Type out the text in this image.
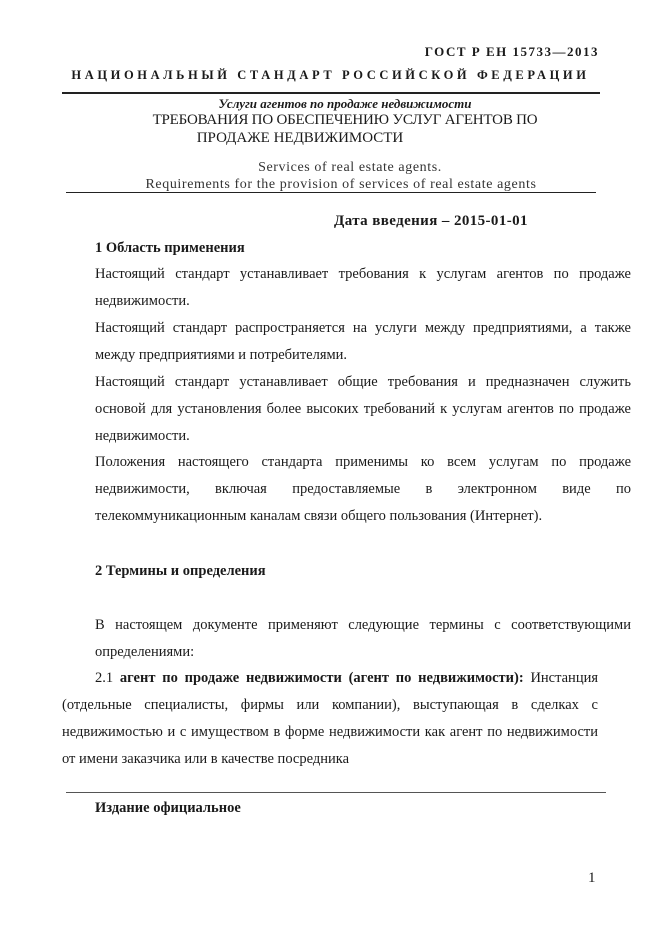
ГОСТ Р ЕН 15733—2013
НАЦИОНАЛЬНЫЙ СТАНДАРТ РОССИЙСКОЙ ФЕДЕРАЦИИ
Услуги агентов по продаже недвижимости
ТРЕБОВАНИЯ ПО ОБЕСПЕЧЕНИЮ УСЛУГ АГЕНТОВ ПО
ПРОДАЖЕ НЕДВИЖИМОСТИ
Services of real estate agents.
Requirements for the provision of services of real estate agents
Дата введения – 2015-01-01
1 Область применения
Настоящий стандарт устанавливает требования к услугам агентов по продаже недвижимости.
Настоящий стандарт распространяется на услуги между предприятиями, а также между предприятиями и потребителями.
Настоящий стандарт устанавливает общие требования и предназначен служить основой для установления более высоких требований к услугам агентов по продаже недвижимости.
Положения настоящего стандарта применимы ко всем услугам по продаже недвижимости, включая предоставляемые в электронном виде по телекоммуникационным каналам связи общего пользования (Интернет).
2 Термины и определения
В настоящем документе применяют следующие термины с соответствующими определениями:
2.1 агент по продаже недвижимости (агент по недвижимости): Инстанция (отдельные специалисты, фирмы или компании), выступающая в сделках с недвижимостью и с имуществом в форме недвижимости как агент по недвижимости от имени заказчика или в качестве посредника
Издание официальное
1
